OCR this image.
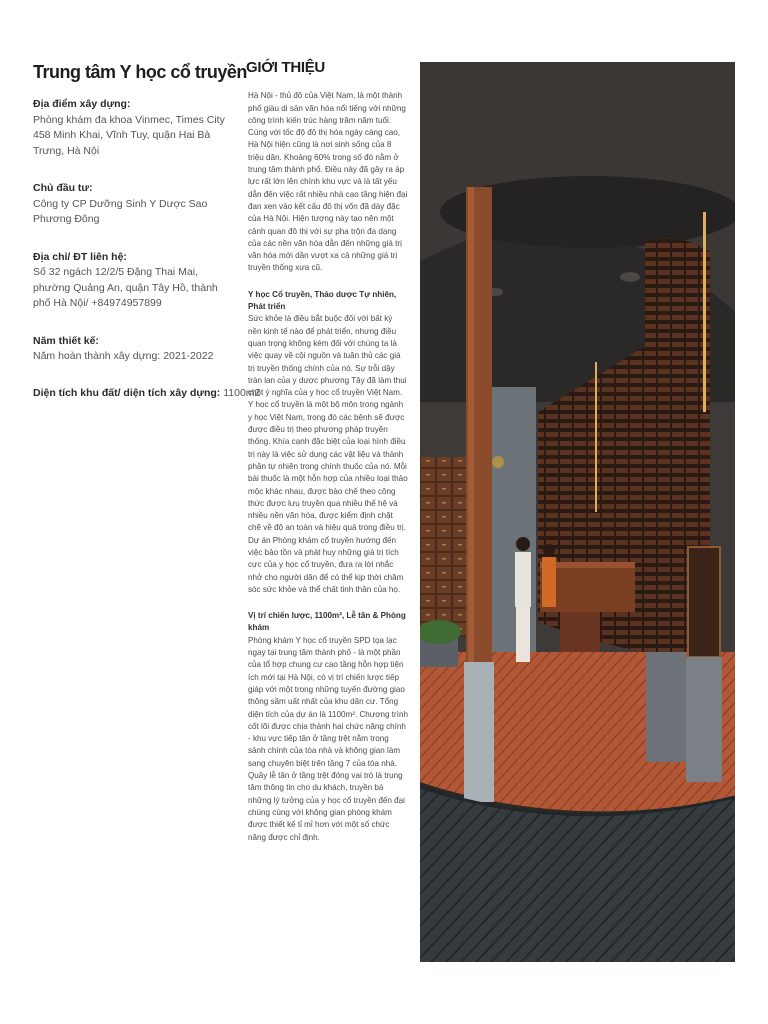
Trung tâm Y học cổ truyền
Địa điểm xây dựng:
Phòng khám đa khoa Vinmec, Times City 458 Minh Khai, Vĩnh Tuy, quận Hai Bà Trưng, Hà Nội
Chủ đầu tư:
Công ty CP Dưỡng Sinh Y Dược Sao Phương Đông
Địa chỉ/ ĐT liên hệ:
Số 32 ngách 12/2/5 Đặng Thai Mai, phường Quảng An, quận Tây Hồ, thành phố Hà Nội/ +84974957899
Năm thiết kế:
Năm hoàn thành xây dựng: 2021-2022
Diện tích khu đất/ diện tích xây dựng: 1100m2
GIỚI THIỆU

Hà Nội - thủ đô của Việt Nam, là một thành phố giàu di sản văn hóa nổi tiếng với những công trình kiến trúc hàng trăm năm tuổi. Cùng với tốc độ đô thị hóa ngày càng cao, Hà Nội hiện cũng là nơi sinh sống của 8 triệu dân. Khoảng 60% trong số đó nằm ở trung tâm thành phố. Điều này đã gây ra áp lực rất lớn lên chính khu vực và là tất yếu dẫn đến việc rất nhiều nhà cao tầng hiện đại đan xen vào kết cấu đô thị vốn đã dày đặc của Hà Nội. Hiện tượng này tạo nên một cảnh quan đô thị với sự pha trộn đa dạng của các nền văn hóa dẫn đến những giá trị văn hóa mới dần vượt xa cả những giá trị truyền thống xưa cũ.

Y học Cổ truyền, Thảo dược Tự nhiên, Phát triển
Sức khỏe là điều bắt buộc đối với bất kỳ nền kinh tế nào để phát triển, nhưng điều quan trọng không kém đối với chúng ta là việc quay về cội nguồn và tuân thủ các giá trị truyền thống chính của nó. Sự trỗi dậy tràn lan của y dược phương Tây đã làm thui chột ý nghĩa của y học cổ truyền Việt Nam. Y học cổ truyền là một bộ môn trong ngành y học Việt Nam, trong đó các bệnh sẽ được được điều trị theo phương pháp truyền thống. Khía cạnh đặc biệt của loại hình điều trị này là việc sử dụng các vật liệu và thành phần tự nhiên trong chính thuốc của nó. Mỗi bài thuốc là một hỗn hợp của nhiều loại thảo mộc khác nhau, được bào chế theo công thức được lưu truyền qua nhiều thế hệ và nhiều nền văn hóa, được kiểm định chặt chẽ về độ an toàn và hiệu quả trong điều trị. Dự án Phòng khám cổ truyền hướng đến việc bảo tồn và phát huy những giá trị tích cực của y học cổ truyền, đưa ra lời nhắc nhở cho người dân để có thể kịp thời chăm sóc sức khỏe và thể chất tinh thần của họ.

Vị trí chiến lược, 1100m², Lễ tân & Phòng khám
Phòng khám Y học cổ truyền SPD tọa lạc ngay tại trung tâm thành phố - là một phần của tổ hợp chung cư cao tầng hỗn hợp tiện ích mới tại Hà Nội, có vị trí chiến lược tiếp giáp với một trong những tuyến đường giao thông sầm uất nhất của khu dân cư. Tổng diện tích của dự án là 1100m². Chương trình cốt lõi được chia thành hai chức năng chính - khu vực tiếp tân ở tầng trệt nằm trong sảnh chính của tòa nhà và không gian làm sang chuyên biệt trên tầng 7 của tòa nhà. Quầy lễ tân ở tầng trệt đóng vai trò là trung tâm thông tin cho du khách, truyền bá những lý tưởng của y học cổ truyền đến đại chúng cùng với không gian phòng khám được thiết kế tỉ mỉ hơn với một số chức năng được chỉ định.
